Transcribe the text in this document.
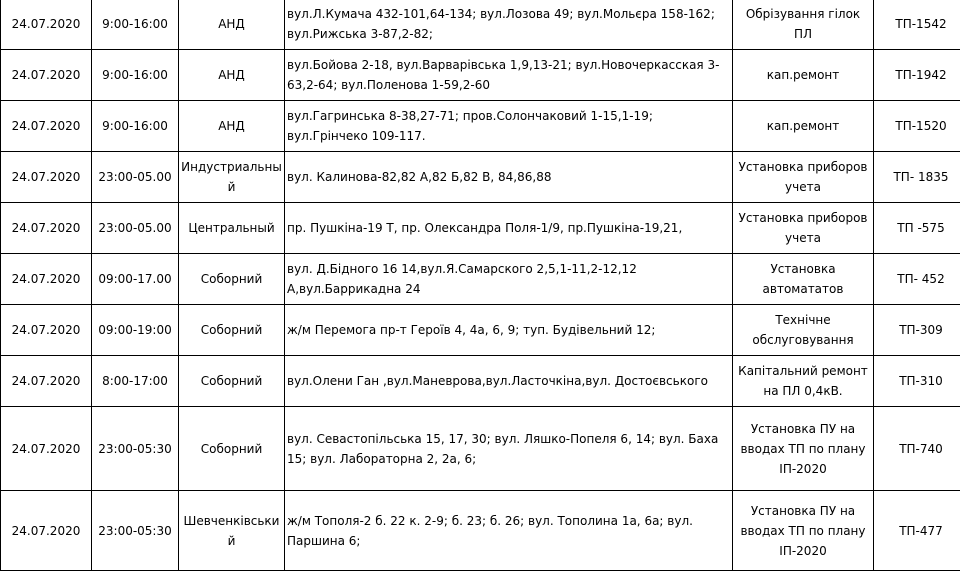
24.07.2020	9:00-16:00	АНД	вул.Л.Кумача 432-101,64-134; вул.Лозова 49; вул.Мольєра 158-162; вул.Рижська 3-87,2-82;	Обрізування гілок ПЛ	ТП-1542
24.07.2020	9:00-16:00	АНД	вул.Бойова 2-18, вул.Варварівська 1,9,13-21; вул.Новочеркасская 3-63,2-64; вул.Поленова 1-59,2-60	кап.ремонт	ТП-1942
24.07.2020	9:00-16:00	АНД	вул.Гагринська 8-38,27-71; пров.Солончаковий 1-15,1-19; вул.Грінчеко 109-117.	кап.ремонт	ТП-1520
24.07.2020	23:00-05.00	Индустриальный	вул. Калинова-82,82 А,82 Б,82 В, 84,86,88	Установка приборов учета	ТП- 1835
24.07.2020	23:00-05.00	Центральный	пр. Пушкіна-19 Т, пр. Олександра Поля-1/9, пр.Пушкіна-19,21,	Установка приборов учета	ТП -575
24.07.2020	09:00-17.00	Соборний	вул. Д.Бідного 16 14,вул.Я.Самарского 2,5,1-11,2-12,12 А,вул.Баррикадна 24	Установка автомататов	ТП- 452
24.07.2020	09:00-19:00	Соборний	ж/м Перемога пр-т Героїв 4, 4а, 6, 9; туп. Будівельний 12;	Технічне обслуговування	ТП-309
24.07.2020	8:00-17:00	Соборний	вул.Олени Ган ,вул.Маневрова,вул.Ласточкіна,вул. Достоєвського	Капітальний ремонт на ПЛ 0,4кВ.	ТП-310
24.07.2020	23:00-05:30	Соборний	вул. Севастопільська 15, 17, 30; вул. Ляшко-Попеля 6, 14; вул. Баха 15; вул. Лабораторна 2, 2а, 6;	Установка ПУ на вводах ТП по плану ІП-2020	ТП-740
24.07.2020	23:00-05:30	Шевченківський	ж/м Тополя-2 б. 22 к. 2-9; б. 23; б. 26; вул. Тополина 1а, 6а; вул. Паршина 6;	Установка ПУ на вводах ТП по плану ІП-2020	ТП-477
